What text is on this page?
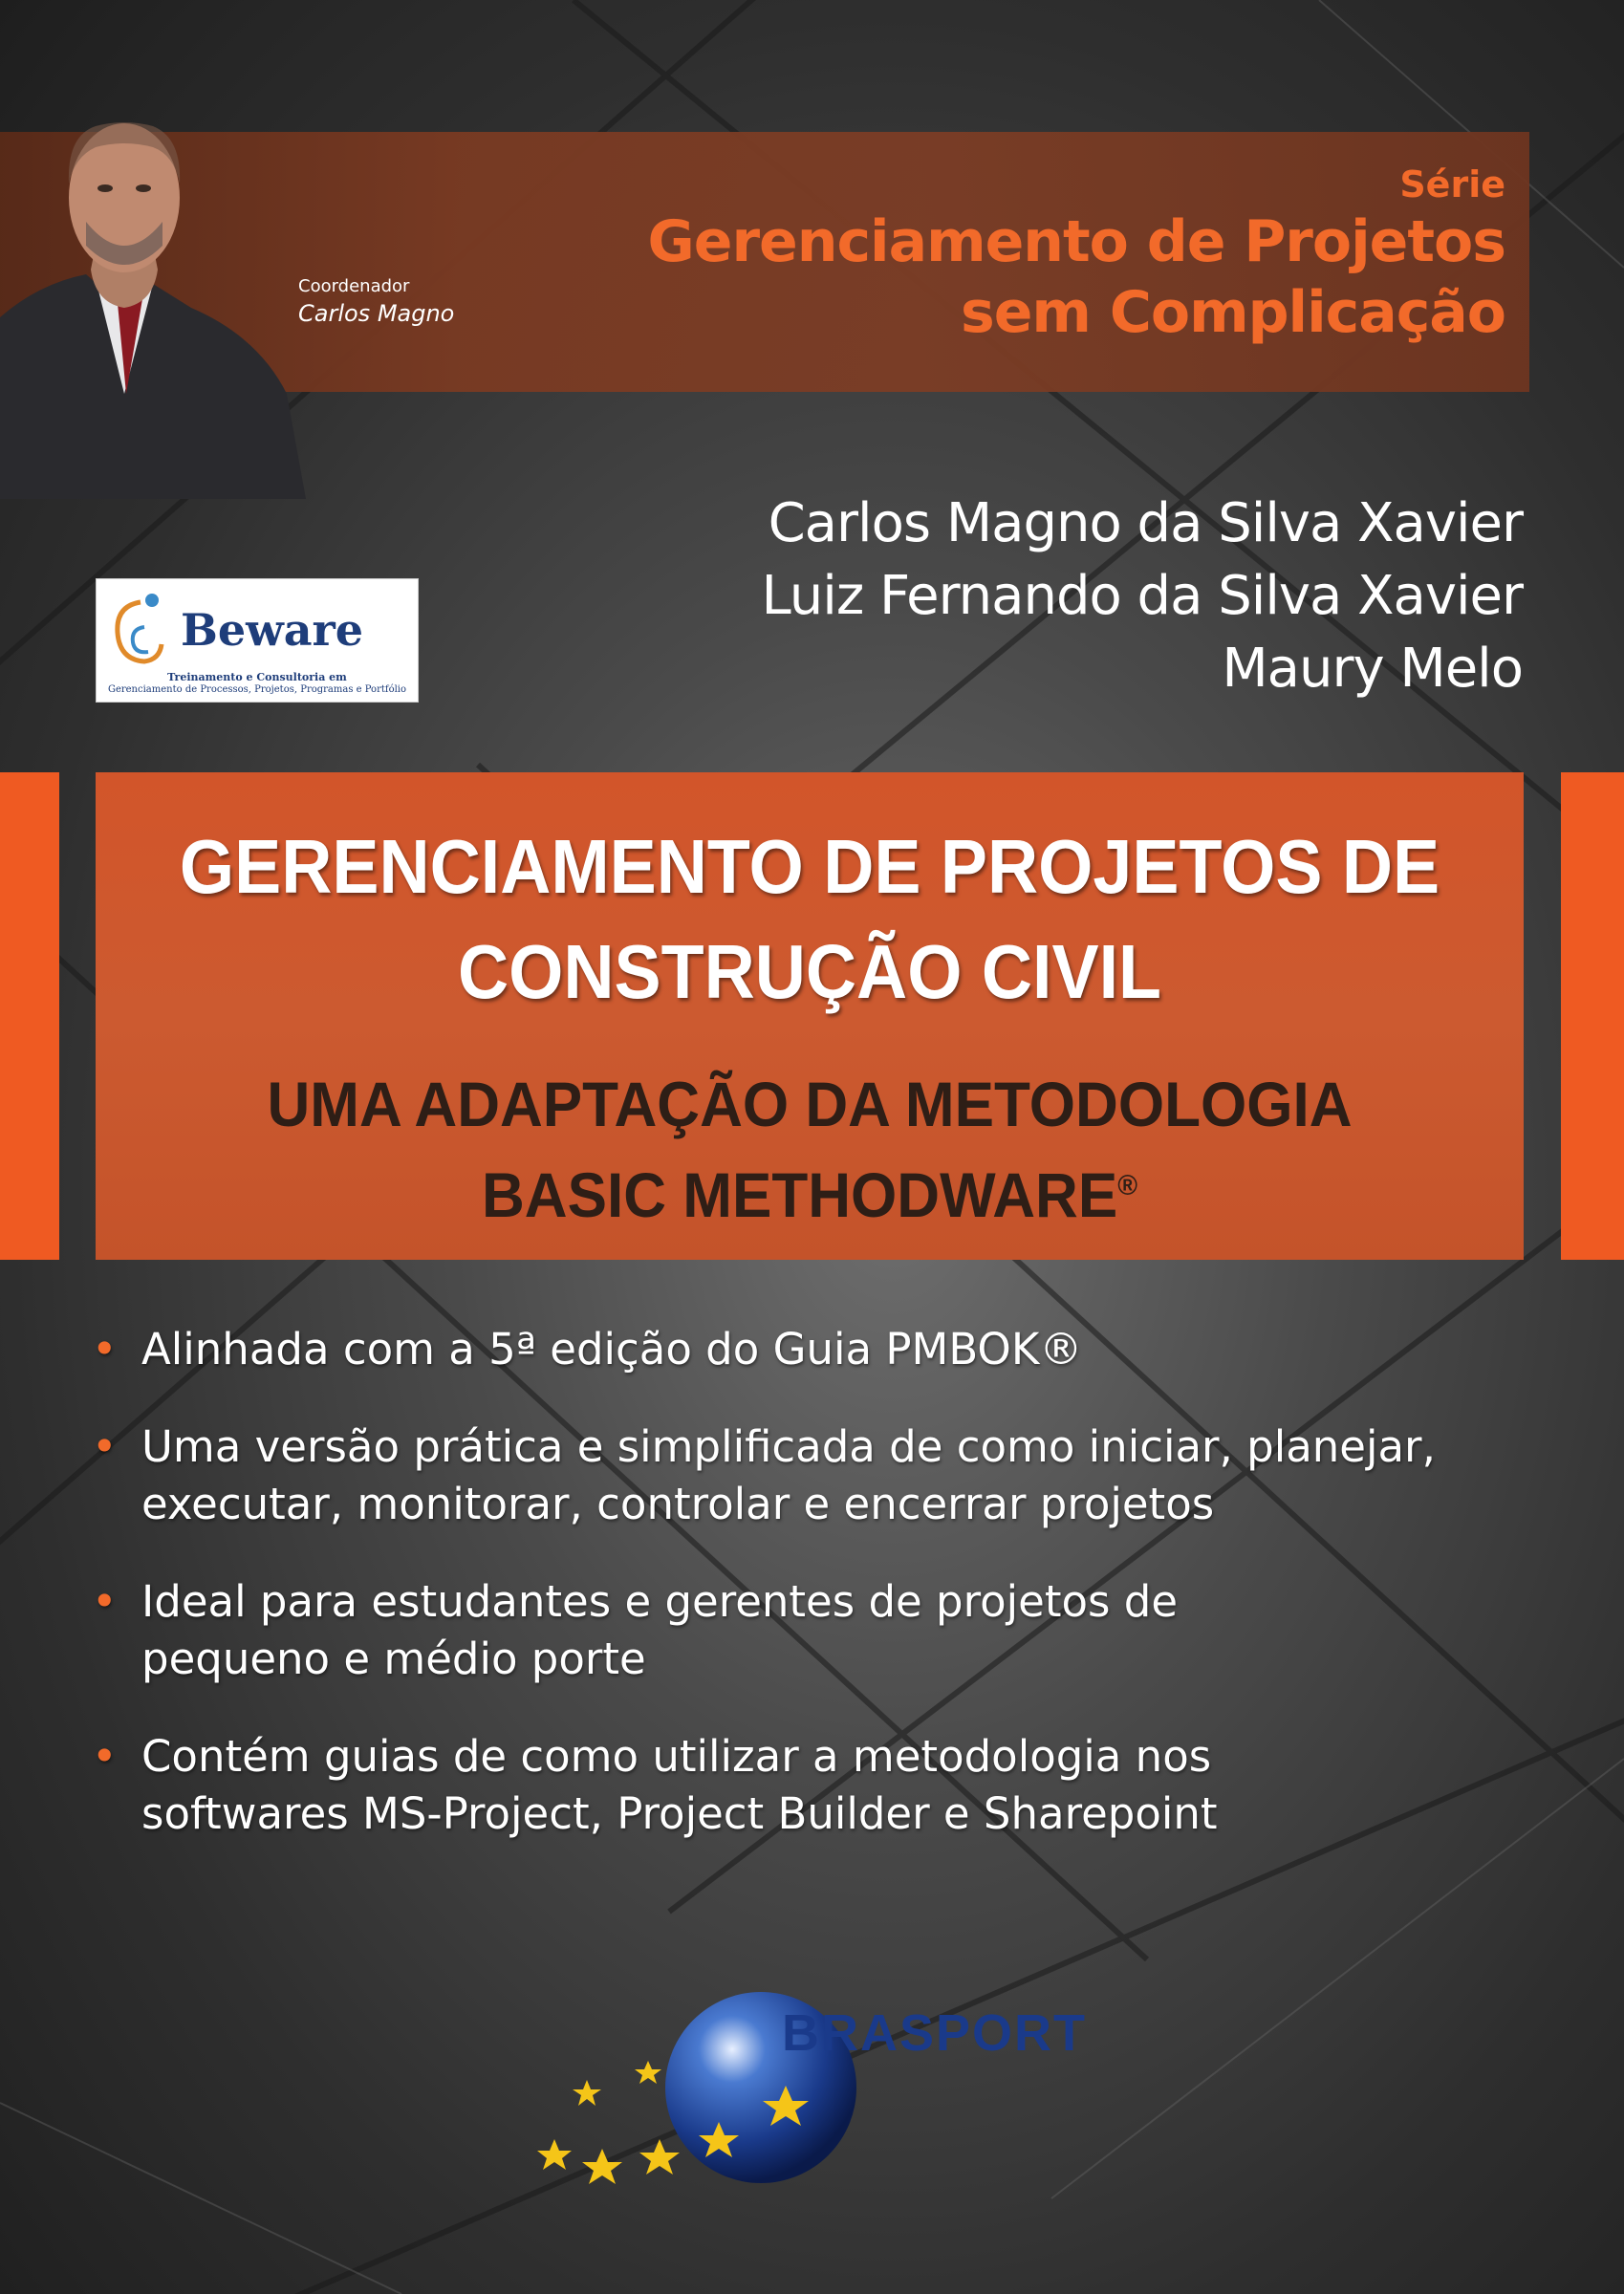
Série
Gerenciamento de Projetos
sem Complicação
Coordenador
Carlos Magno
Carlos Magno da Silva Xavier
Luiz Fernando da Silva Xavier
Maury Melo
Beware
Treinamento e Consultoria em
Gerenciamento de Processos, Projetos, Programas e Portfólio
GERENCIAMENTO DE PROJETOS DE
CONSTRUÇÃO CIVIL
UMA ADAPTAÇÃO DA METODOLOGIA
BASIC METHODWARE®
• Alinhada com a 5ª edição do Guia PMBOK®
• Uma versão prática e simplificada de como iniciar, planejar,
executar, monitorar, controlar e encerrar projetos
• Ideal para estudantes e gerentes de projetos de
pequeno e médio porte
• Contém guias de como utilizar a metodologia nos
softwares MS-Project, Project Builder e Sharepoint
BRASPORT
